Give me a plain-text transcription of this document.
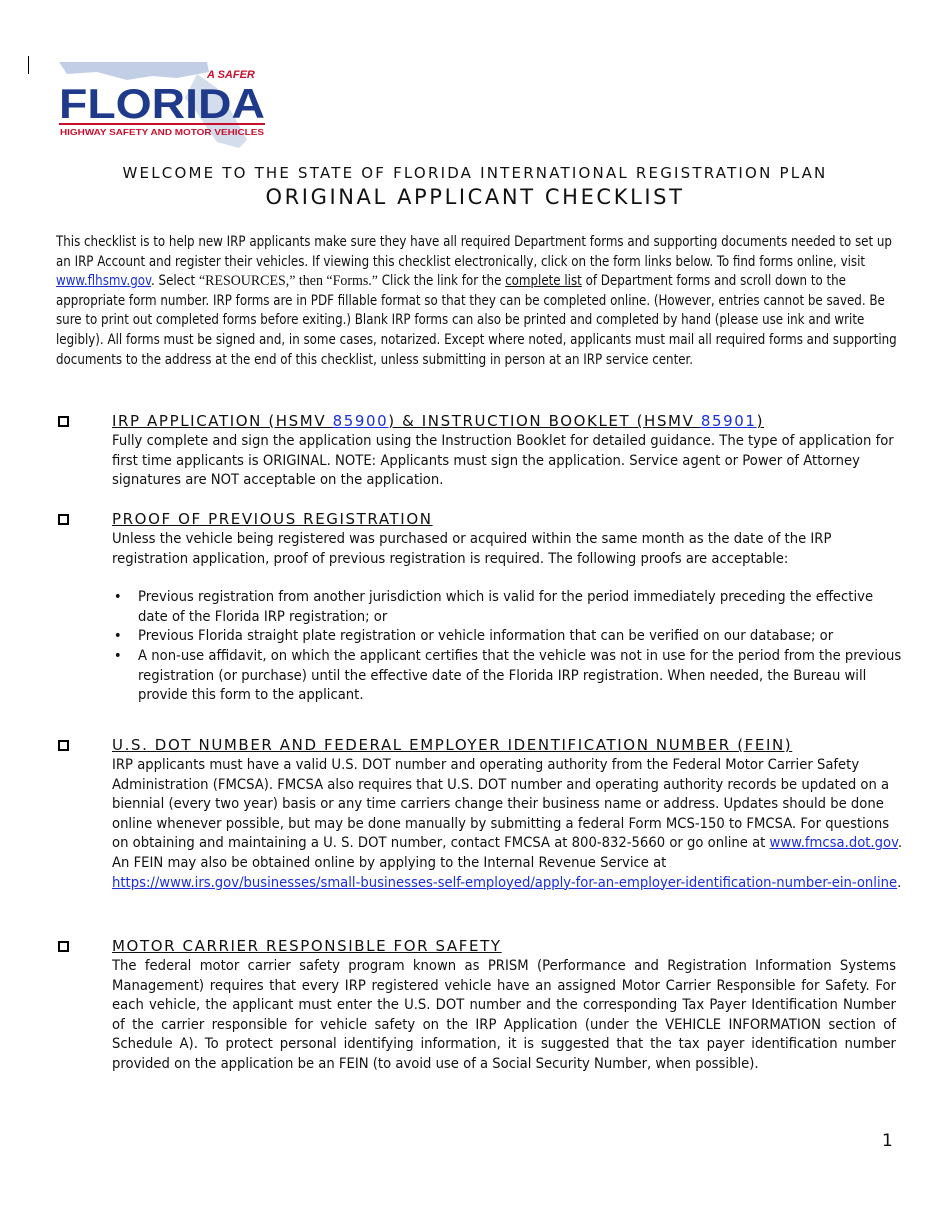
A SAFER
FLORIDA
HIGHWAY SAFETY AND MOTOR VEHICLES
WELCOME TO THE STATE OF FLORIDA INTERNATIONAL REGISTRATION PLAN
ORIGINAL APPLICANT CHECKLIST
This checklist is to help new IRP applicants make sure they have all required Department forms and supporting documents needed to set up an IRP Account and register their vehicles. If viewing this checklist electronically, click on the form links below. To find forms online, visit www.flhsmv.gov. Select “RESOURCES,” then “Forms.” Click the link for the complete list of Department forms and scroll down to the appropriate form number. IRP forms are in PDF fillable format so that they can be completed online. (However, entries cannot be saved. Be sure to print out completed forms before exiting.) Blank IRP forms can also be printed and completed by hand (please use ink and write legibly). All forms must be signed and, in some cases, notarized. Except where noted, applicants must mail all required forms and supporting documents to the address at the end of this checklist, unless submitting in person at an IRP service center.
IRP APPLICATION (HSMV 85900) & INSTRUCTION BOOKLET (HSMV 85901)
Fully complete and sign the application using the Instruction Booklet for detailed guidance. The type of application for first time applicants is ORIGINAL. NOTE: Applicants must sign the application. Service agent or Power of Attorney signatures are NOT acceptable on the application.
PROOF OF PREVIOUS REGISTRATION
Unless the vehicle being registered was purchased or acquired within the same month as the date of the IRP registration application, proof of previous registration is required. The following proofs are acceptable:
• Previous registration from another jurisdiction which is valid for the period immediately preceding the effective date of the Florida IRP registration; or
• Previous Florida straight plate registration or vehicle information that can be verified on our database; or
• A non-use affidavit, on which the applicant certifies that the vehicle was not in use for the period from the previous registration (or purchase) until the effective date of the Florida IRP registration. When needed, the Bureau will provide this form to the applicant.
U.S. DOT NUMBER AND FEDERAL EMPLOYER IDENTIFICATION NUMBER (FEIN)
IRP applicants must have a valid U.S. DOT number and operating authority from the Federal Motor Carrier Safety Administration (FMCSA). FMCSA also requires that U.S. DOT number and operating authority records be updated on a biennial (every two year) basis or any time carriers change their business name or address. Updates should be done online whenever possible, but may be done manually by submitting a federal Form MCS-150 to FMCSA. For questions on obtaining and maintaining a U. S. DOT number, contact FMCSA at 800-832-5660 or go online at www.fmcsa.dot.gov. An FEIN may also be obtained online by applying to the Internal Revenue Service at https://www.irs.gov/businesses/small-businesses-self-employed/apply-for-an-employer-identification-number-ein-online.
MOTOR CARRIER RESPONSIBLE FOR SAFETY
The federal motor carrier safety program known as PRISM (Performance and Registration Information Systems Management) requires that every IRP registered vehicle have an assigned Motor Carrier Responsible for Safety. For each vehicle, the applicant must enter the U.S. DOT number and the corresponding Tax Payer Identification Number of the carrier responsible for vehicle safety on the IRP Application (under the VEHICLE INFORMATION section of Schedule A). To protect personal identifying information, it is suggested that the tax payer identification number provided on the application be an FEIN (to avoid use of a Social Security Number, when possible).
1
